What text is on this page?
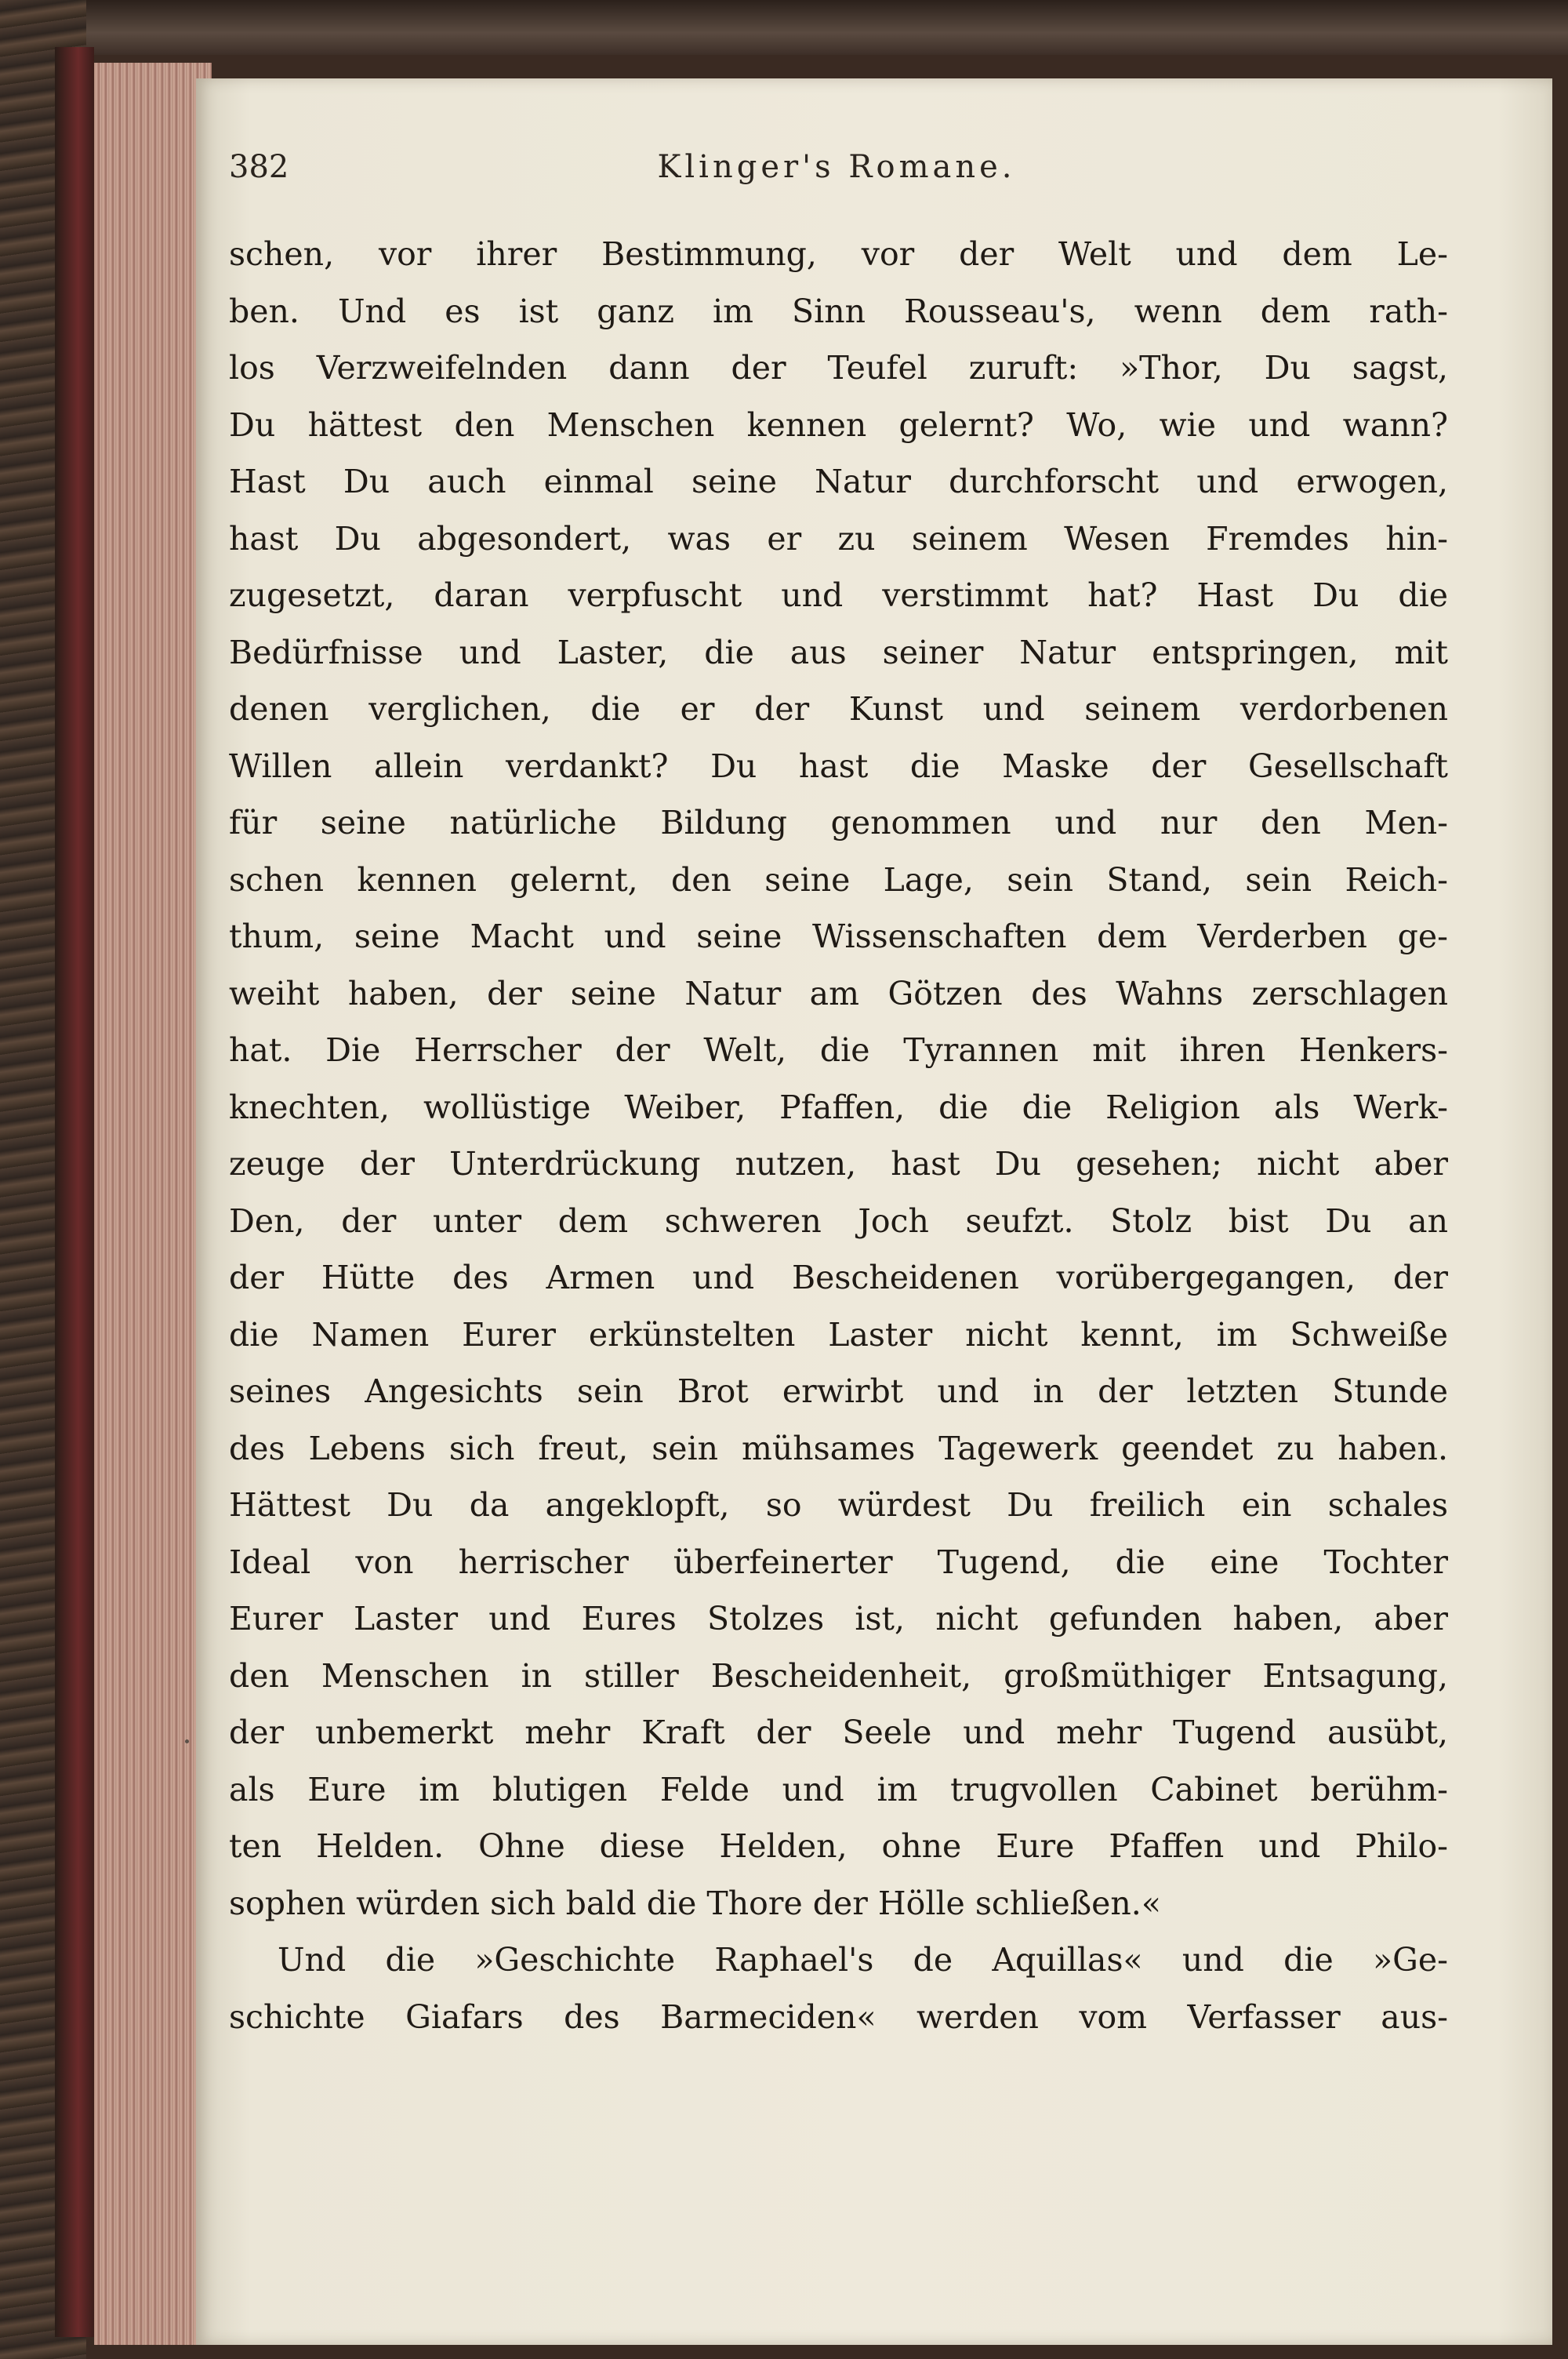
382	Klinger's Romane.
schen, vor ihrer Bestimmung, vor der Welt und dem Le-
ben. Und es ist ganz im Sinn Rousseau's, wenn dem rath-
los Verzweifelnden dann der Teufel zuruft: »Thor, Du sagst,
Du hättest den Menschen kennen gelernt? Wo, wie und wann?
Hast Du auch einmal seine Natur durchforscht und erwogen,
hast Du abgesondert, was er zu seinem Wesen Fremdes hin-
zugesetzt, daran verpfuscht und verstimmt hat? Hast Du die
Bedürfnisse und Laster, die aus seiner Natur entspringen, mit
denen verglichen, die er der Kunst und seinem verdorbenen
Willen allein verdankt? Du hast die Maske der Gesellschaft
für seine natürliche Bildung genommen und nur den Men-
schen kennen gelernt, den seine Lage, sein Stand, sein Reich-
thum, seine Macht und seine Wissenschaften dem Verderben ge-
weiht haben, der seine Natur am Götzen des Wahns zerschlagen
hat. Die Herrscher der Welt, die Tyrannen mit ihren Henkers-
knechten, wollüstige Weiber, Pfaffen, die die Religion als Werk-
zeuge der Unterdrückung nutzen, hast Du gesehen; nicht aber
Den, der unter dem schweren Joch seufzt. Stolz bist Du an
der Hütte des Armen und Bescheidenen vorübergegangen, der
die Namen Eurer erkünstelten Laster nicht kennt, im Schweiße
seines Angesichts sein Brot erwirbt und in der letzten Stunde
des Lebens sich freut, sein mühsames Tagewerk geendet zu haben.
Hättest Du da angeklopft, so würdest Du freilich ein schales
Ideal von herrischer überfeinerter Tugend, die eine Tochter
Eurer Laster und Eures Stolzes ist, nicht gefunden haben, aber
den Menschen in stiller Bescheidenheit, großmüthiger Entsagung,
der unbemerkt mehr Kraft der Seele und mehr Tugend ausübt,
als Eure im blutigen Felde und im trugvollen Cabinet berühm-
ten Helden. Ohne diese Helden, ohne Eure Pfaffen und Philo-
sophen würden sich bald die Thore der Hölle schließen.«
Und die »Geschichte Raphael's de Aquillas« und die »Ge-
schichte Giafars des Barmeciden« werden vom Verfasser aus-
